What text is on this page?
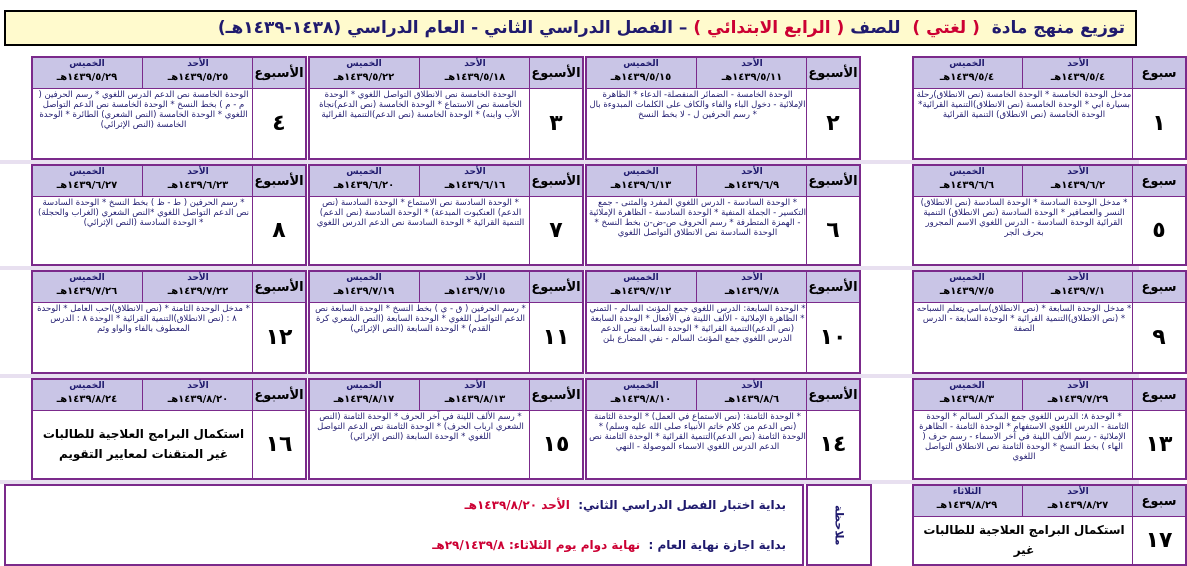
توزيع منهج مادة

( لغتي )

للصف

( الرابع الابتدائي )

– الفصل الدراسي الثاني - العام الدراسي

(١٤٣٨-١٤٣٩هـ)
سبوع
الأحد
١٤٣٩/٥/٤هـ
الخميس
١٤٣٩/٥/٤هـ
١
مدخل الوحدة الخامسة * الوحدة الخامسة (نص الانطلاق)رحلة بسيارة ابي * الوحدة الخامسة (نص الانطلاق)التنمية القرائية* الوحدة الخامسة (نص الانطلاق) التنمية القرائية
الأسبوع
الأحد
١٤٣٩/٥/١١هـ
الخميس
١٤٣٩/٥/١٥هـ
٢
الوحدة الخامسة - الضمائر المنفصلة- الدعاء * الظاهرة الإملائية - دخول الباء والفاء والكاف على الكلمات المبدوءة بال * رسم الحرفين ل - لا بخط النسخ
الأسبوع
الأحد
١٤٣٩/٥/١٨هـ
الخميس
١٤٣٩/٥/٢٢هـ
٣
الوحدة الخامسة نص الانطلاق التواصل اللغوي * الوحدة الخامسة نص الاستماع * الوحدة الخامسة (نص الدعم)نجاة الأب وابنه) * الوحدة الخامسة (نص الدعم)التنمية القرائية
الأسبوع
الأحد
١٤٣٩/٥/٢٥هـ
الخميس
١٤٣٩/٥/٢٩هـ
٤
الوحدة الخامسة نص الدعم الدرس اللغوي * رسم الحرفين ( م - م ) بخط النسخ * الوحدة الخامسة نص الدعم التواصل اللغوي * الوحدة الخامسة (النص الشعري) الطائرة * الوحدة الخامسة (النص الإثرائي)
سبوع
الأحد
١٤٣٩/٦/٢هـ
الخميس
١٤٣٩/٦/٦هـ
٥
* مدخل الوحدة السادسة * الوحدة السادسة (نص الانطلاق) النسر والعصافير * الوحدة السادسة (نص الانطلاق) التنمية القرائية الوحدة السادسة - الدرس اللغوي الاسم المجرور بحرف الجر
الأسبوع
الأحد
١٤٣٩/٦/٩هـ
الخميس
١٤٣٩/٦/١٣هـ
٦
* الوحدة السادسة - الدرس اللغوي المفرد والمثنى - جمع التكسير - الجملة المنفية * الوحدة السادسة - الظاهرة الإملائية - الهمزة المتطرفة * رسم الحروف ص-ض-ن بخط النسخ * الوحدة السادسة نص الانطلاق التواصل اللغوي
الأسبوع
الأحد
١٤٣٩/٦/١٦هـ
الخميس
١٤٣٩/٦/٢٠هـ
٧
* الوحدة السادسة نص الاستماع * الوحدة السادسة (نص الدعم) العنكبوت المبدعة) * الوحدة السادسة (نص الدعم) التنمية القرائية * الوحدة السادسة نص الدعم الدرس اللغوي
الأسبوع
الأحد
١٤٣٩/٦/٢٣هـ
الخميس
١٤٣٩/٦/٢٧هـ
٨
* رسم الحرفين ( ط - ظ ) بخط النسخ * الوحدة السادسة نص الدعم التواصل اللغوي *النص الشعري (الغراب والحجلة) * الوحدة السادسة (النص الإثرائي)
سبوع
الأحد
١٤٣٩/٧/١هـ
الخميس
١٤٣٩/٧/٥هـ
٩
* مدخل الوحدة السابعة * (نص الانطلاق)سامي يتعلم السباحه * (نص الانطلاق)التنمية القرائية * الوحدة السابعة - الدرس الصفة
الأسبوع
الأحد
١٤٣٩/٧/٨هـ
الخميس
١٤٣٩/٧/١٢هـ
١٠
* الوحدة السابعة: الدرس اللغوي جمع المؤنث السالم - التمني * الظاهرة الإملائية - الألف اللينة في الأفعال * الوحدة السابعة (نص الدعم)التنمية القرائية * الوحدة السابعة نص الدعم الدرس اللغوي جمع المؤنث السالم - نفي المضارع بلن
الأسبوع
الأحد
١٤٣٩/٧/١٥هـ
الخميس
١٤٣٩/٧/١٩هـ
١١
* رسم الحرفين ( ق - ي ) بخط النسخ * الوحدة السابعة نص الدعم التواصل اللغوي * الوحدة السابعة (النص الشعري كرة القدم) * الوحدة السابعة (النص الإثرائي)
الأسبوع
الأحد
١٤٣٩/٧/٢٢هـ
الخميس
١٤٣٩/٧/٢٦هـ
١٢
* مدخل الوحدة الثامنة * (نص الانطلاق)احب العامل * الوحدة ٨ : (نص الانطلاق)التنمية القرائية * الوحدة ٨ : الدرس المعطوف بالفاء والواو وثم
سبوع
الأحد
١٤٣٩/٧/٢٩هـ
الخميس
١٤٣٩/٨/٣هـ
١٣
* الوحدة ٨: الدرس اللغوي جمع المذكر السالم * الوحدة الثامنة - الدرس اللغوي الاستفهام * الوحدة الثامنة - الظاهرة الإملائية - رسم الألف اللينة في آخر الاسماء - رسم حرف ( الهاء ) بخط النسخ * الوحدة الثامنة نص الانطلاق التواصل اللغوي
الأسبوع
الأحد
١٤٣٩/٨/٦هـ
الخميس
١٤٣٩/٨/١٠هـ
١٤
* الوحدة الثامنة: (نص الاستماع في العمل) * الوحدة الثامنة (نص الدعم من كلام خاتم الأنبياء صلى الله عليه وسلم) * الوحدة الثامنة (نص الدعم)التنمية القرائية * الوحدة الثامنة نص الدعم الدرس اللغوي الاسماء الموصولة - النهي
الأسبوع
الأحد
١٤٣٩/٨/١٣هـ
الخميس
١٤٣٩/٨/١٧هـ
١٥
* رسم الألف اللينة في آخر الحرف * الوحدة الثامنة (النص الشعري ارباب الحرف) * الوحدة الثامنة نص الدعم التواصل اللغوي * الوحدة السابعة (النص الإثرائي)
الأسبوع
الأحد
١٤٣٩/٨/٢٠هـ
الخميس
١٤٣٩/٨/٢٤هـ
١٦
استكمال البرامج العلاجية للطالبات غير المتقنات لمعايير التقويم
سبوع
الأحد
١٤٣٩/٨/٢٧هـ
الثلاثاء
١٤٣٩/٨/٢٩هـ
١٧
استكمال البرامج العلاجية للطالبات غير
بداية اختبار الفصل الدراسي الثاني:  الأحد ١٤٣٩/٨/٢٠هـ
بداية اجازة نهاية العام :  نهاية دوام يوم الثلاثاء: ٢٩/١٤٣٩/٨هـ	ملاحظة
